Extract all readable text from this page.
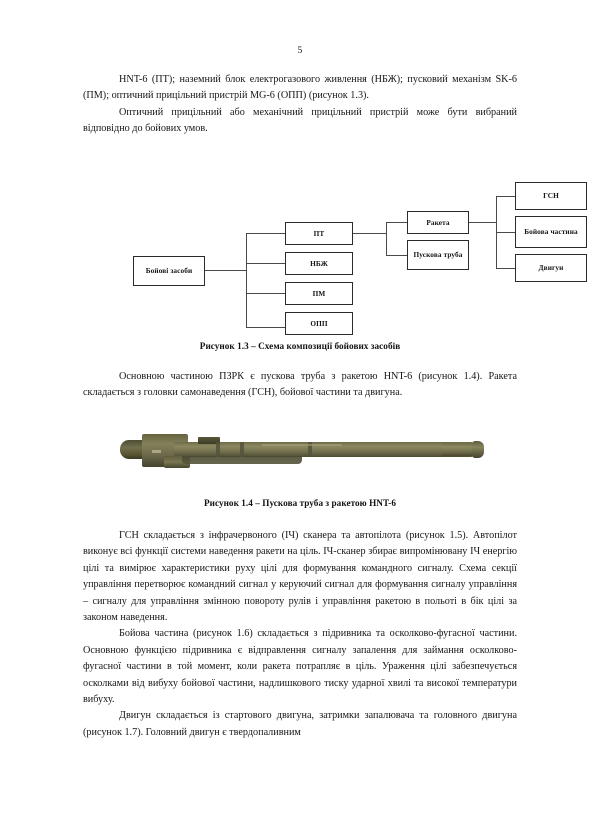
5

HNT-6 (ПТ); наземний блок електрогазового живлення (НБЖ); пусковий механізм SK-6 (ПМ); оптичний прицільний пристрій MG-6 (ОПП) (рисунок 1.3).

Оптичний прицільний або механічний прицільний пристрій може бути вибраний відповідно до бойових умов.

Бойові засоби
ПТ
НБЖ
ПМ
ОПП
Ракета
Пускова труба
ГСН
Бойова частина
Двигун
Рисунок 1.3 – Схема композиції бойових засобів

Основною частиною ПЗРК є пускова труба з ракетою HNT-6 (рисунок 1.4). Ракета складається з головки самонаведення (ГСН), бойової частини та двигуна.

Рисунок 1.4 – Пускова труба з ракетою HNT-6

ГСН складається з інфрачервоного (ІЧ) сканера та автопілота (рисунок 1.5). Автопілот виконує всі функції системи наведення ракети на ціль. ІЧ-сканер збирає випромінювану ІЧ енергію цілі та вимірює характеристики руху цілі для формування командного сигналу. Схема секції управління перетворює командний сигнал у керуючий сигнал для формування сигналу управління – сигналу для управління змінною повороту рулів і управління ракетою в польоті в бік цілі за законом наведення.

Бойова частина (рисунок 1.6) складається з підривника та осколково-фугасної частини. Основною функцією підривника є відправлення сигналу запалення для займання осколково-фугасної частини в той момент, коли ракета потрапляє в ціль. Ураження цілі забезпечується осколками від вибуху бойової частини, надлишкового тиску ударної хвилі та високої температури вибуху.

Двигун складається із стартового двигуна, затримки запалювача та головного двигуна (рисунок 1.7). Головний двигун є твердопаливним
